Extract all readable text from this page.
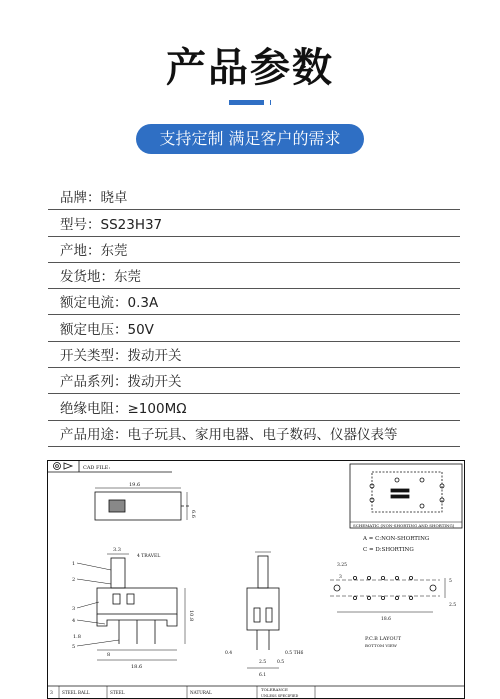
产品参数
支持定制 满足客户的需求
品牌：晓卓
型号：SS23H37
产地：东莞
发货地：东莞
额定电流：0.3A
额定电压：50V
开关类型：拨动开关
产品系列：拨动开关
绝缘电阻：≥100MΩ
产品用途：电子玩具、家用电器、电子数码、仪器仪表等
CAD FILE:
19.6
6.6
3.3
4 TRAVEL
10.8
1
2
3
4
5
1.8
8
18.6
0.4	0.5 TH6
2.5 0.5
6.1
SCHEMATIC (NON-SHORTING AND SHORTING)
A = C:NON-SHORTING
C = D:SHORTING
3.25
3
5
2.5
18.6
P.C.B LAYOUT
BOTTOM VIEW
3 STEEL BALL	STEEL	NATURAL
TOLERANCE
UNLESS SPECIFIED
